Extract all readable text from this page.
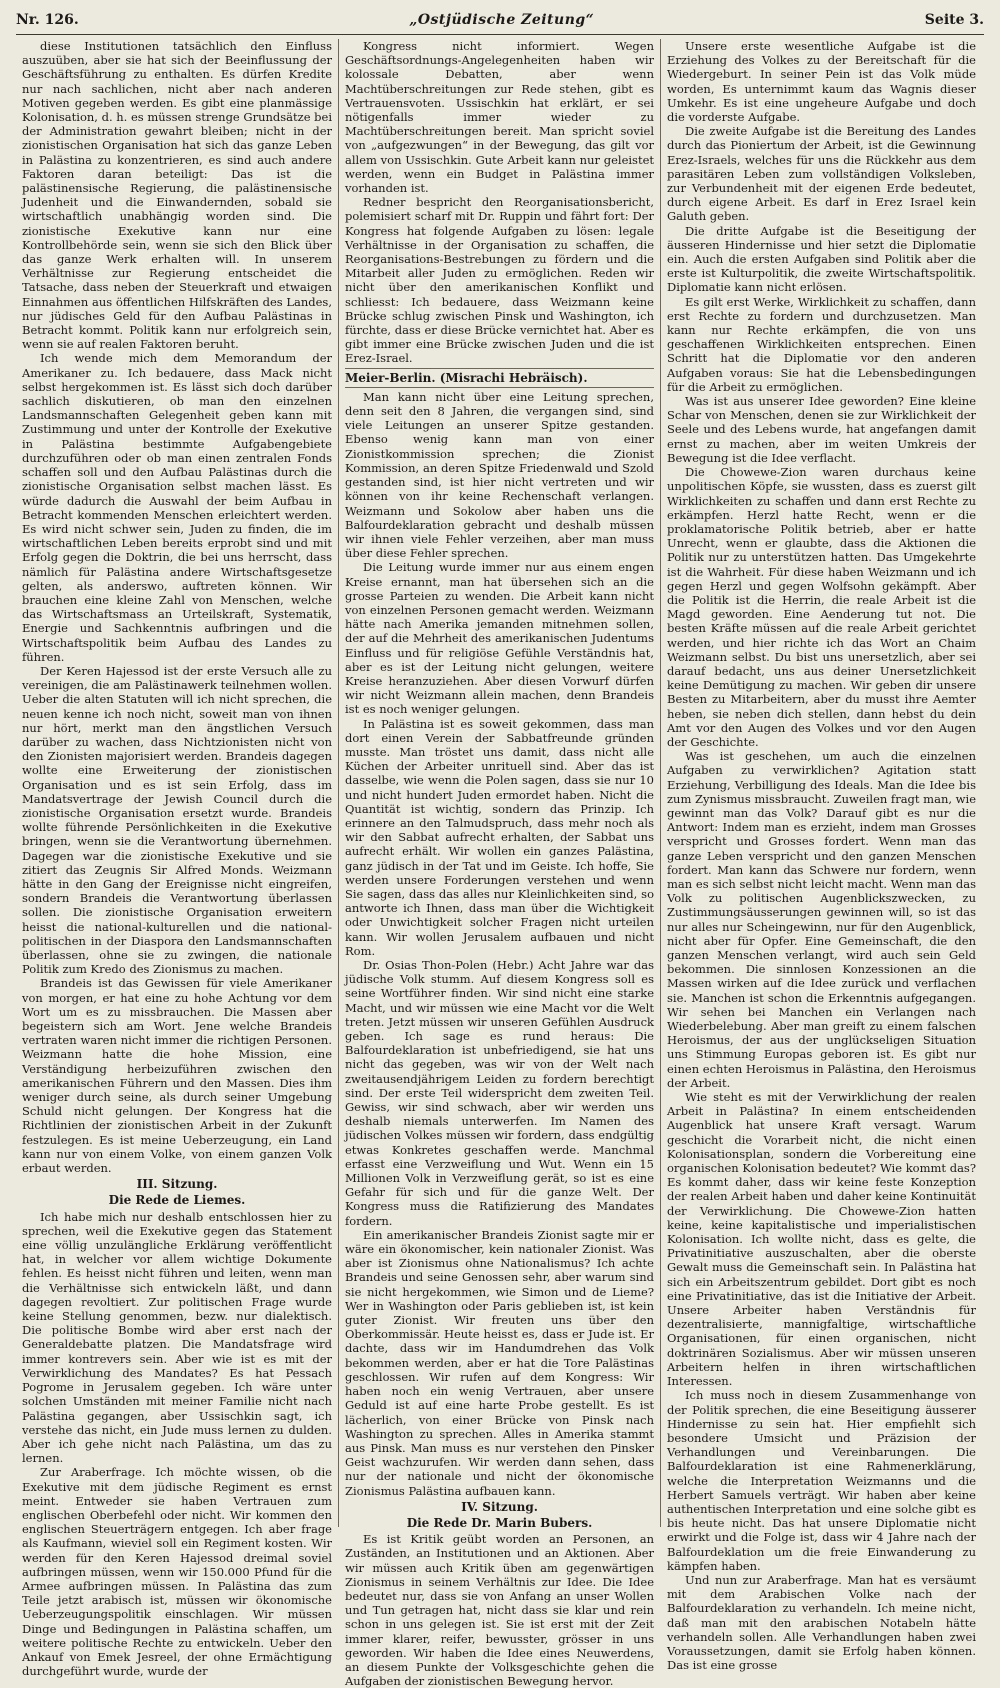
Nr. 126.	„Ostjüdische Zeitung“	Seite 3.

diese Institutionen tatsächlich den Einfluss auszuüben, aber sie hat sich der Beeinflussung der Geschäftsführung zu enthalten. Es dürfen Kredite nur nach sachlichen, nicht aber nach anderen Motiven gegeben werden. Es gibt eine planmässige Kolonisation, d. h. es müssen strenge Grundsätze bei der Administration gewahrt bleiben; nicht in der zionistischen Organisation hat sich das ganze Leben in Palästina zu konzentrieren, es sind auch andere Faktoren daran beteiligt: Das ist die palästinensische Regierung, die palästinensische Judenheit und die Einwandernden, sobald sie wirtschaftlich unabhängig worden sind. Die zionistische Exekutive kann nur eine Kontrollbehörde sein, wenn sie sich den Blick über das ganze Werk erhalten will. In unserem Verhältnisse zur Regierung entscheidet die Tatsache, dass neben der Steuerkraft und etwaigen Einnahmen aus öffentlichen Hilfskräften des Landes, nur jüdisches Geld für den Aufbau Palästinas in Betracht kommt. Politik kann nur erfolgreich sein, wenn sie auf realen Faktoren beruht.

Ich wende mich dem Memorandum der Amerikaner zu. Ich bedauere, dass Mack nicht selbst hergekommen ist. Es lässt sich doch darüber sachlich diskutieren, ob man den einzelnen Landsmannschaften Gelegenheit geben kann mit Zustimmung und unter der Kontrolle der Exekutive in Palästina bestimmte Aufgabengebiete durchzuführen oder ob man einen zentralen Fonds schaffen soll und den Aufbau Palästinas durch die zionistische Organisation selbst machen lässt. Es würde dadurch die Auswahl der beim Aufbau in Betracht kommenden Menschen erleichtert werden. Es wird nicht schwer sein, Juden zu finden, die im wirtschaftlichen Leben bereits erprobt sind und mit Erfolg gegen die Doktrin, die bei uns herrscht, dass nämlich für Palästina andere Wirtschaftsgesetze gelten, als anderswo, auftreten können. Wir brauchen eine kleine Zahl von Menschen, welche das Wirtschaftsmass an Urteilskraft, Systematik, Energie und Sachkenntnis aufbringen und die Wirtschaftspolitik beim Aufbau des Landes zu führen.

Der Keren Hajessod ist der erste Versuch alle zu vereinigen, die am Palästinawerk teilnehmen wollen. Ueber die alten Statuten will ich nicht sprechen, die neuen kenne ich noch nicht, soweit man von ihnen nur hört, merkt man den ängstlichen Versuch darüber zu wachen, dass Nichtzionisten nicht von den Zionisten majorisiert werden. Brandeis dagegen wollte eine Erweiterung der zionistischen Organisation und es ist sein Erfolg, dass im Mandatsvertrage der Jewish Council durch die zionistische Organisation ersetzt wurde. Brandeis wollte führende Persönlichkeiten in die Exekutive bringen, wenn sie die Verantwortung übernehmen. Dagegen war die zionistische Exekutive und sie zitiert das Zeugnis Sir Alfred Monds. Weizmann hätte in den Gang der Ereignisse nicht eingreifen, sondern Brandeis die Verantwortung überlassen sollen. Die zionistische Organisation erweitern heisst die national-kulturellen und die national-politischen in der Diaspora den Landsmannschaften überlassen, ohne sie zu zwingen, die nationale Politik zum Kredo des Zionismus zu machen.

Brandeis ist das Gewissen für viele Amerikaner von morgen, er hat eine zu hohe Achtung vor dem Wort um es zu missbrauchen. Die Massen aber begeistern sich am Wort. Jene welche Brandeis vertraten waren nicht immer die richtigen Personen. Weizmann hatte die hohe Mission, eine Verständigung herbeizuführen zwischen den amerikanischen Führern und den Massen. Dies ihm weniger durch seine, als durch seiner Umgebung Schuld nicht gelungen. Der Kongress hat die Richtlinien der zionistischen Arbeit in der Zukunft festzulegen. Es ist meine Ueberzeugung, ein Land kann nur von einem Volke, von einem ganzen Volk erbaut werden.

III. Sitzung.
Die Rede de Liemes.

Ich habe mich nur deshalb entschlossen hier zu sprechen, weil die Exekutive gegen das Statement eine völlig unzulängliche Erklärung veröffentlicht hat, in welcher vor allem wichtige Dokumente fehlen. Es heisst nicht führen und leiten, wenn man die Verhältnisse sich entwickeln läßt, und dann dagegen revoltiert. Zur politischen Frage wurde keine Stellung genommen, bezw. nur dialektisch. Die politische Bombe wird aber erst nach der Generaldebatte platzen. Die Mandatsfrage wird immer kontrevers sein. Aber wie ist es mit der Verwirklichung des Mandates? Es hat Pessach Pogrome in Jerusalem gegeben. Ich wäre unter solchen Umständen mit meiner Familie nicht nach Palästina gegangen, aber Ussischkin sagt, ich verstehe das nicht, ein Jude muss lernen zu dulden. Aber ich gehe nicht nach Palästina, um das zu lernen.

Zur Araberfrage. Ich möchte wissen, ob die Exekutive mit dem jüdische Regiment es ernst meint. Entweder sie haben Vertrauen zum englischen Oberbefehl oder nicht. Wir kommen den englischen Steuerträgern entgegen. Ich aber frage als Kaufmann, wieviel soll ein Regiment kosten. Wir werden für den Keren Hajessod dreimal soviel aufbringen müssen, wenn wir 150.000 Pfund für die Armee aufbringen müssen. In Palästina das zum Teile jetzt arabisch ist, müssen wir ökonomische Ueberzeugungspolitik einschlagen. Wir müssen Dinge und Bedingungen in Palästina schaffen, um weitere politische Rechte zu entwickeln. Ueber den Ankauf von Emek Jesreel, der ohne Ermächtigung durchgeführt wurde, wurde der

Kongress nicht informiert. Wegen Geschäftsordnungs-Angelegenheiten haben wir kolossale Debatten, aber wenn Machtüberschreitungen zur Rede stehen, gibt es Vertrauensvoten. Ussischkin hat erklärt, er sei nötigenfalls immer wieder zu Machtüberschreitungen bereit. Man spricht soviel von „aufgezwungen“ in der Bewegung, das gilt vor allem von Ussischkin. Gute Arbeit kann nur geleistet werden, wenn ein Budget in Palästina immer vorhanden ist.

Redner bespricht den Reorganisationsbericht, polemisiert scharf mit Dr. Ruppin und fährt fort: Der Kongress hat folgende Aufgaben zu lösen: legale Verhältnisse in der Organisation zu schaffen, die Reorganisations-Bestrebungen zu fördern und die Mitarbeit aller Juden zu ermöglichen. Reden wir nicht über den amerikanischen Konflikt und schliesst: Ich bedauere, dass Weizmann keine Brücke schlug zwischen Pinsk und Washington, ich fürchte, dass er diese Brücke vernichtet hat. Aber es gibt immer eine Brücke zwischen Juden und die ist Erez-Israel.

Meier-Berlin. (Misrachi Hebräisch).

Man kann nicht über eine Leitung sprechen, denn seit den 8 Jahren, die vergangen sind, sind viele Leitungen an unserer Spitze gestanden. Ebenso wenig kann man von einer Zionistkommission sprechen; die Zionist Kommission, an deren Spitze Friedenwald und Szold gestanden sind, ist hier nicht vertreten und wir können von ihr keine Rechenschaft verlangen. Weizmann und Sokolow aber haben uns die Balfourdeklaration gebracht und deshalb müssen wir ihnen viele Fehler verzeihen, aber man muss über diese Fehler sprechen.

Die Leitung wurde immer nur aus einem engen Kreise ernannt, man hat übersehen sich an die grosse Parteien zu wenden. Die Arbeit kann nicht von einzelnen Personen gemacht werden. Weizmann hätte nach Amerika jemanden mitnehmen sollen, der auf die Mehrheit des amerikanischen Judentums Einfluss und für religiöse Gefühle Verständnis hat, aber es ist der Leitung nicht gelungen, weitere Kreise heranzuziehen. Aber diesen Vorwurf dürfen wir nicht Weizmann allein machen, denn Brandeis ist es noch weniger gelungen.

In Palästina ist es soweit gekommen, dass man dort einen Verein der Sabbatfreunde gründen musste. Man tröstet uns damit, dass nicht alle Küchen der Arbeiter unrituell sind. Aber das ist dasselbe, wie wenn die Polen sagen, dass sie nur 10 und nicht hundert Juden ermordet haben. Nicht die Quantität ist wichtig, sondern das Prinzip. Ich erinnere an den Talmudspruch, dass mehr noch als wir den Sabbat aufrecht erhalten, der Sabbat uns aufrecht erhält. Wir wollen ein ganzes Palästina, ganz jüdisch in der Tat und im Geiste. Ich hoffe, Sie werden unsere Forderungen verstehen und wenn Sie sagen, dass das alles nur Kleinlichkeiten sind, so antworte ich Ihnen, dass man über die Wichtigkeit oder Unwichtigkeit solcher Fragen nicht urteilen kann. Wir wollen Jerusalem aufbauen und nicht Rom.

Dr. Osias Thon-Polen (Hebr.) Acht Jahre war das jüdische Volk stumm. Auf diesem Kongress soll es seine Wortführer finden. Wir sind nicht eine starke Macht, und wir müssen wie eine Macht vor die Welt treten. Jetzt müssen wir unseren Gefühlen Ausdruck geben. Ich sage es rund heraus: Die Balfourdeklaration ist unbefriedigend, sie hat uns nicht das gegeben, was wir von der Welt nach zweitausendjährigem Leiden zu fordern berechtigt sind. Der erste Teil widerspricht dem zweiten Teil. Gewiss, wir sind schwach, aber wir werden uns deshalb niemals unterwerfen. Im Namen des jüdischen Volkes müssen wir fordern, dass endgültig etwas Konkretes geschaffen werde. Manchmal erfasst eine Verzweiflung und Wut. Wenn ein 15 Millionen Volk in Verzweiflung gerät, so ist es eine Gefahr für sich und für die ganze Welt. Der Kongress muss die Ratifizierung des Mandates fordern.

Ein amerikanischer Brandeis Zionist sagte mir er wäre ein ökonomischer, kein nationaler Zionist. Was aber ist Zionismus ohne Nationalismus? Ich achte Brandeis und seine Genossen sehr, aber warum sind sie nicht hergekommen, wie Simon und de Lieme? Wer in Washington oder Paris geblieben ist, ist kein guter Zionist. Wir freuten uns über den Oberkommissär. Heute heisst es, dass er Jude ist. Er dachte, dass wir im Handumdrehen das Volk bekommen werden, aber er hat die Tore Palästinas geschlossen. Wir rufen auf dem Kongress: Wir haben noch ein wenig Vertrauen, aber unsere Geduld ist auf eine harte Probe gestellt. Es ist lächerlich, von einer Brücke von Pinsk nach Washington zu sprechen. Alles in Amerika stammt aus Pinsk. Man muss es nur verstehen den Pinsker Geist wachzurufen. Wir werden dann sehen, dass nur der nationale und nicht der ökonomische Zionismus Palästina aufbauen kann.

IV. Sitzung.
Die Rede Dr. Marin Bubers.

Es ist Kritik geübt worden an Personen, an Zuständen, an Institutionen und an Aktionen. Aber wir müssen auch Kritik üben am gegenwärtigen Zionismus in seinem Verhältnis zur Idee. Die Idee bedeutet nur, dass sie von Anfang an unser Wollen und Tun getragen hat, nicht dass sie klar und rein schon in uns gelegen ist. Sie ist erst mit der Zeit immer klarer, reifer, bewusster, grösser in uns geworden. Wir haben die Idee eines Neuwerdens, an diesem Punkte der Volksgeschichte gehen die Aufgaben der zionistischen Bewegung hervor.

Unsere erste wesentliche Aufgabe ist die Erziehung des Volkes zu der Bereitschaft für die Wiedergeburt. In seiner Pein ist das Volk müde worden, Es unternimmt kaum das Wagnis dieser Umkehr. Es ist eine ungeheure Aufgabe und doch die vorderste Aufgabe.

Die zweite Aufgabe ist die Bereitung des Landes durch das Pioniertum der Arbeit, ist die Gewinnung Erez-Israels, welches für uns die Rückkehr aus dem parasitären Leben zum vollständigen Volksleben, zur Verbundenheit mit der eigenen Erde bedeutet, durch eigene Arbeit. Es darf in Erez Israel kein Galuth geben.

Die dritte Aufgabe ist die Beseitigung der äusseren Hindernisse und hier setzt die Diplomatie ein. Auch die ersten Aufgaben sind Politik aber die erste ist Kulturpolitik, die zweite Wirtschaftspolitik. Diplomatie kann nicht erlösen.

Es gilt erst Werke, Wirklichkeit zu schaffen, dann erst Rechte zu fordern und durchzusetzen. Man kann nur Rechte erkämpfen, die von uns geschaffenen Wirklichkeiten entsprechen. Einen Schritt hat die Diplomatie vor den anderen Aufgaben voraus: Sie hat die Lebensbedingungen für die Arbeit zu ermöglichen.

Was ist aus unserer Idee geworden? Eine kleine Schar von Menschen, denen sie zur Wirklichkeit der Seele und des Lebens wurde, hat angefangen damit ernst zu machen, aber im weiten Umkreis der Bewegung ist die Idee verflacht.

Die Chowewe-Zion waren durchaus keine unpolitischen Köpfe, sie wussten, dass es zuerst gilt Wirklichkeiten zu schaffen und dann erst Rechte zu erkämpfen. Herzl hatte Recht, wenn er die proklamatorische Politik betrieb, aber er hatte Unrecht, wenn er glaubte, dass die Aktionen die Politik nur zu unterstützen hatten. Das Umgekehrte ist die Wahrheit. Für diese haben Weizmann und ich gegen Herzl und gegen Wolfsohn gekämpft. Aber die Politik ist die Herrin, die reale Arbeit ist die Magd geworden. Eine Aenderung tut not. Die besten Kräfte müssen auf die reale Arbeit gerichtet werden, und hier richte ich das Wort an Chaim Weizmann selbst. Du bist uns unersetzlich, aber sei darauf bedacht, uns aus deiner Unersetzlichkeit keine Demütigung zu machen. Wir geben dir unsere Besten zu Mitarbeitern, aber du musst ihre Aemter heben, sie neben dich stellen, dann hebst du dein Amt vor den Augen des Volkes und vor den Augen der Geschichte.

Was ist geschehen, um auch die einzelnen Aufgaben zu verwirklichen? Agitation statt Erziehung, Verbilligung des Ideals. Man die Idee bis zum Zynismus missbraucht. Zuweilen fragt man, wie gewinnt man das Volk? Darauf gibt es nur die Antwort: Indem man es erzieht, indem man Grosses verspricht und Grosses fordert. Wenn man das ganze Leben verspricht und den ganzen Menschen fordert. Man kann das Schwere nur fordern, wenn man es sich selbst nicht leicht macht. Wenn man das Volk zu politischen Augenblickszwecken, zu Zustimmungsäusserungen gewinnen will, so ist das nur alles nur Scheingewinn, nur für den Augenblick, nicht aber für Opfer. Eine Gemeinschaft, die den ganzen Menschen verlangt, wird auch sein Geld bekommen. Die sinnlosen Konzessionen an die Massen wirken auf die Idee zurück und verflachen sie. Manchen ist schon die Erkenntnis aufgegangen. Wir sehen bei Manchen ein Verlangen nach Wiederbelebung. Aber man greift zu einem falschen Heroismus, der aus der unglückseligen Situation uns Stimmung Europas geboren ist. Es gibt nur einen echten Heroismus in Palästina, den Heroismus der Arbeit.

Wie steht es mit der Verwirklichung der realen Arbeit in Palästina? In einem entscheidenden Augenblick hat unsere Kraft versagt. Warum geschicht die Vorarbeit nicht, die nicht einen Kolonisationsplan, sondern die Vorbereitung eine organischen Kolonisation bedeutet? Wie kommt das? Es kommt daher, dass wir keine feste Konzeption der realen Arbeit haben und daher keine Kontinuität der Verwirklichung. Die Chowewe-Zion hatten keine, keine kapitalistische und imperialistischen Kolonisation. Ich wollte nicht, dass es gelte, die Privatinitiative auszuschalten, aber die oberste Gewalt muss die Gemeinschaft sein. In Palästina hat sich ein Arbeitszentrum gebildet. Dort gibt es noch eine Privatinitiative, das ist die Initiative der Arbeit. Unsere Arbeiter haben Verständnis für dezentralisierte, mannigfaltige, wirtschaftliche Organisationen, für einen organischen, nicht doktrinären Sozialismus. Aber wir müssen unseren Arbeitern helfen in ihren wirtschaftlichen Interessen.

Ich muss noch in diesem Zusammenhange von der Politik sprechen, die eine Beseitigung äusserer Hindernisse zu sein hat. Hier empfiehlt sich besondere Umsicht und Präzision der Verhandlungen und Vereinbarungen. Die Balfourdeklaration ist eine Rahmenerklärung, welche die Interpretation Weizmanns und die Herbert Samuels verträgt. Wir haben aber keine authentischen Interpretation und eine solche gibt es bis heute nicht. Das hat unsere Diplomatie nicht erwirkt und die Folge ist, dass wir 4 Jahre nach der Balfourdeklation um die freie Einwanderung zu kämpfen haben.

Und nun zur Araberfrage. Man hat es versäumt mit dem Arabischen Volke nach der Balfourdeklaration zu verhandeln. Ich meine nicht, daß man mit den arabischen Notabeln hätte verhandeln sollen. Alle Verhandlungen haben zwei Voraussetzungen, damit sie Erfolg haben können. Das ist eine grosse
